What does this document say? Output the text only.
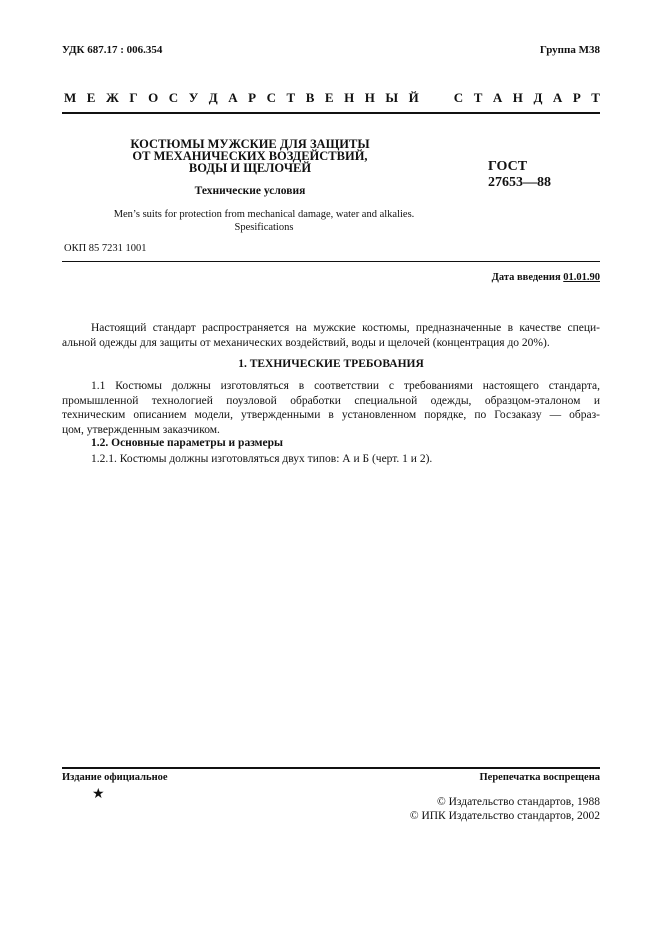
УДК 687.17 : 006.354	Группа М38
М Е Ж Г О С У Д А Р С Т В Е Н Н Ы Й	С Т А Н Д А Р Т
КОСТЮМЫ МУЖСКИЕ ДЛЯ ЗАЩИТЫ
ОТ МЕХАНИЧЕСКИХ ВОЗДЕЙСТВИЙ,
ВОДЫ И ЩЕЛОЧЕЙ
Технические условия
Men’s suits for protection from mechanical damage, water and alkalies.
Spesifications
ГОСТ
27653—88
ОКП 85 7231 1001
Дата введения 01.01.90
Настоящий стандарт распространяется на мужские костюмы, предназначенные в качестве специ-
альной одежды для защиты от механических воздействий, воды и щелочей (концентрация до 20%).
1. ТЕХНИЧЕСКИЕ ТРЕБОВАНИЯ
1.1 Костюмы должны изготовляться в соответствии с требованиями настоящего стандарта,
промышленной технологией поузловой обработки специальной одежды, образцом-эталоном и
техническим описанием модели, утвержденными в установленном порядке, по Госзаказу — образ-
цом, утвержденным заказчиком.
1.2. Основные параметры и размеры
1.2.1. Костюмы должны изготовляться двух типов: А и Б (черт. 1 и 2).
Издание официальное	Перепечатка воспрещена
★	© Издательство стандартов, 1988
© ИПК Издательство стандартов, 2002
